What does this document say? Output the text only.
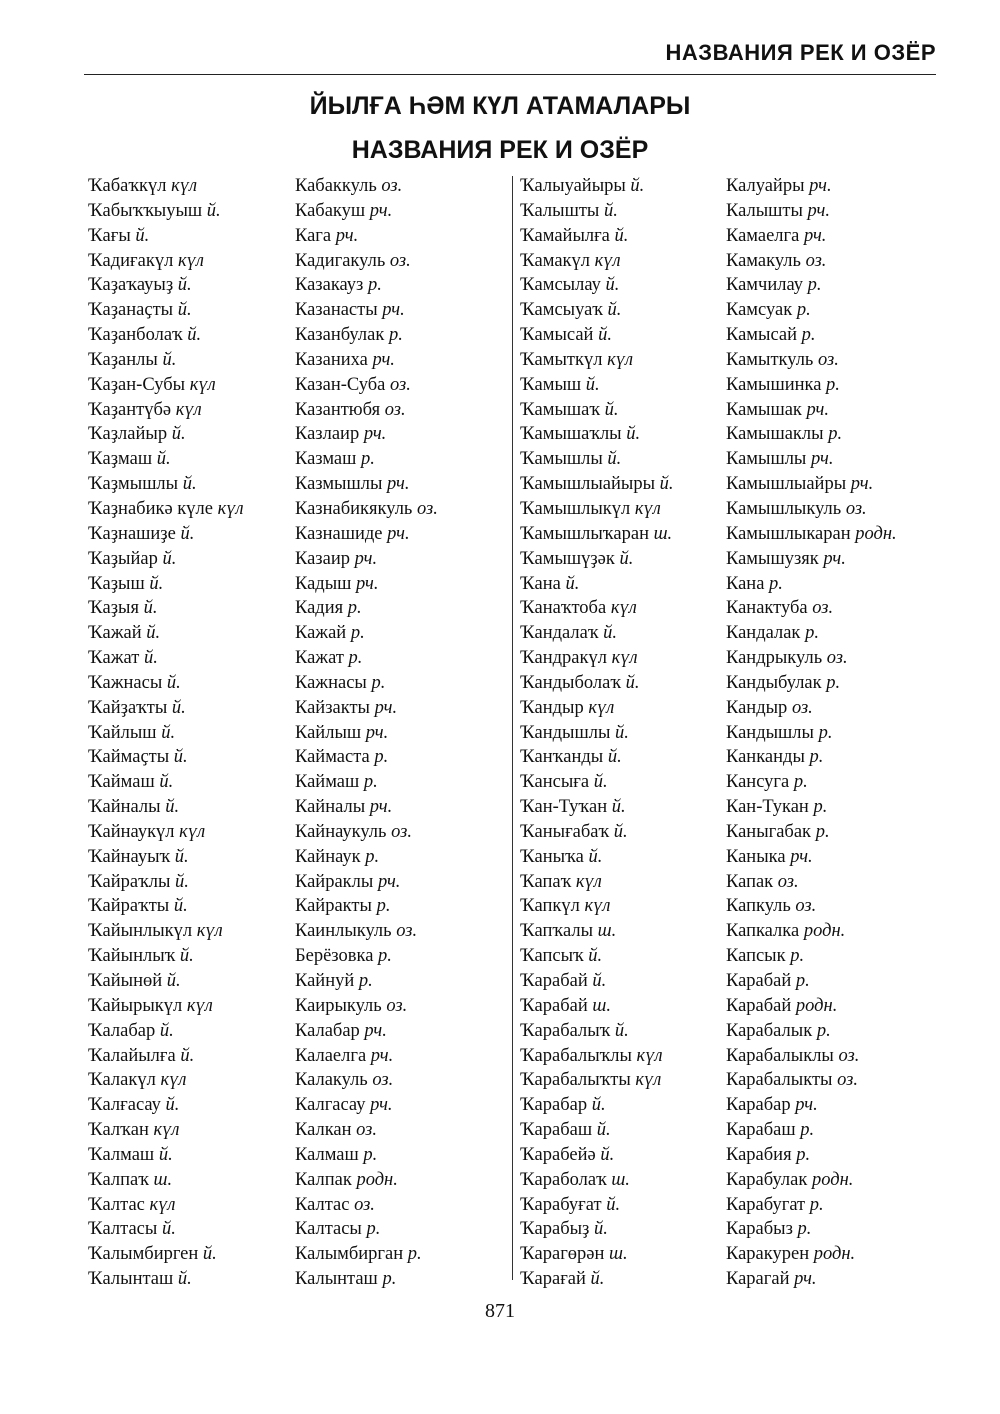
НАЗВАНИЯ РЕК И ОЗЁР
ЙЫЛҒА ҺӘМ КҮЛ АТАМАЛАРЫ
НАЗВАНИЯ РЕК И ОЗЁР
Ҡабаҡкүл күл	Кабаккуль оз.
Ҡабыҡҡыуыш й.	Кабакуш рч.
Ҡағы й.	Кага рч.
Ҡадиғакүл күл	Кадигакуль оз.
Ҡаҙаҡауыҙ й.	Казакауз р.
Ҡаҙанаҫты й.	Казанасты рч.
Ҡаҙанболаҡ й.	Казанбулак р.
Ҡаҙанлы й.	Казаниха рч.
Ҡаҙан-Субы күл	Казан-Суба оз.
Ҡаҙантүбә күл	Казантюбя оз.
Ҡаҙлайыр й.	Казлаир рч.
Ҡаҙмаш й.	Казмаш р.
Ҡаҙмышлы й.	Казмышлы рч.
Ҡаҙнабикә күле күл	Казнабикякуль оз.
Ҡаҙнашиҙе й.	Казнашиде рч.
Ҡаҙыйар й.	Казаир рч.
Ҡаҙыш й.	Кадыш рч.
Ҡаҙыя й.	Кадия р.
Ҡажай й.	Кажай р.
Ҡажат й.	Кажат р.
Ҡажнасы й.	Кажнасы р.
Ҡайҙаҡты й.	Кайзакты рч.
Ҡайлыш й.	Кайлыш рч.
Ҡаймаҫты й.	Каймаста р.
Ҡаймаш й.	Каймаш р.
Ҡайналы й.	Кайналы рч.
Ҡайнаукүл күл	Кайнаукуль оз.
Ҡайнауыҡ й.	Кайнаук р.
Ҡайраҡлы й.	Кайраклы рч.
Ҡайраҡты й.	Кайракты р.
Ҡайынлыкүл күл	Каинлыкуль оз.
Ҡайынлыҡ й.	Берёзовка р.
Ҡайынөй й.	Кайнуй р.
Ҡайырыкүл күл	Каирыкуль оз.
Ҡалабар й.	Калабар рч.
Ҡалайылға й.	Калаелга рч.
Ҡалакүл күл	Калакуль оз.
Ҡалғасау й.	Калгасау рч.
Ҡалҡан күл	Калкан оз.
Ҡалмаш й.	Калмаш р.
Ҡалпаҡ ш.	Калпак родн.
Ҡалтас күл	Калтас оз.
Ҡалтасы й.	Калтасы р.
Ҡалымбирген й.	Калымбирган р.
Ҡалынташ й.	Калынташ р.
Ҡалыуайыры й.	Калуайры рч.
Ҡалышты й.	Калышты рч.
Ҡамайылға й.	Камаелга рч.
Ҡамакүл күл	Камакуль оз.
Ҡамсылау й.	Камчилау р.
Ҡамсыуаҡ й.	Камсуак р.
Ҡамысай й.	Камысай р.
Ҡамыткүл күл	Камыткуль оз.
Ҡамыш й.	Камышинка р.
Ҡамышаҡ й.	Камышак рч.
Ҡамышаҡлы й.	Камышаклы р.
Ҡамышлы й.	Камышлы рч.
Ҡамышлыайыры й.	Камышлыайры рч.
Ҡамышлыкүл күл	Камышлыкуль оз.
Ҡамышлыҡаран ш.	Камышлыкаран родн.
Ҡамышүҙәк й.	Камышузяк рч.
Ҡана й.	Кана р.
Ҡанаҡтоба күл	Канактуба оз.
Ҡандалаҡ й.	Кандалак р.
Ҡандракүл күл	Кандрыкуль оз.
Ҡандыболаҡ й.	Кандыбулак р.
Ҡандыр күл	Кандыр оз.
Ҡандышлы й.	Кандышлы р.
Ҡанҡанды й.	Канканды р.
Ҡансыға й.	Кансуга р.
Ҡан-Туҡан й.	Кан-Тукан р.
Ҡанығабаҡ й.	Каныгабак р.
Ҡаныҡа й.	Каныка рч.
Ҡапаҡ күл	Капак оз.
Ҡапкүл күл	Капкуль оз.
Ҡапҡалы ш.	Капкалка родн.
Ҡапсыҡ й.	Капсык р.
Ҡарабай й.	Карабай р.
Ҡарабай ш.	Карабай родн.
Ҡарабалыҡ й.	Карабалык р.
Ҡарабалыҡлы күл	Карабалыклы оз.
Ҡарабалыҡты күл	Карабалыкты оз.
Ҡарабар й.	Карабар рч.
Ҡарабаш й.	Карабаш р.
Ҡарабейә й.	Карабия р.
Ҡараболаҡ ш.	Карабулак родн.
Ҡарабуғат й.	Карабугат р.
Ҡарабыҙ й.	Карабыз р.
Ҡарагөрән ш.	Каракурен родн.
Ҡарағай й.	Карагай рч.
871
